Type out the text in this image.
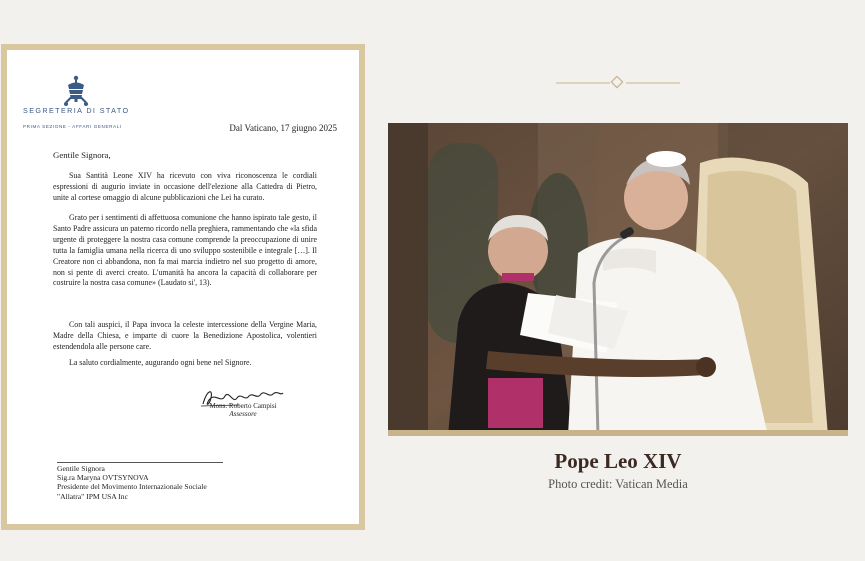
SEGRETERIA DI STATO
PRIMA SEZIONE - AFFARI GENERALI	Dal Vaticano, 17 giugno 2025
Gentile Signora,

Sua Santità Leone XIV ha ricevuto con viva riconoscenza le cordiali espressioni di augurio inviate in occasione dell'elezione alla Cattedra di Pietro, unite al cortese omaggio di alcune pubblicazioni che Lei ha curato.

Grato per i sentimenti di affettuosa comunione che hanno ispirato tale gesto, il Santo Padre assicura un paterno ricordo nella preghiera, rammentando che «la sfida urgente di proteggere la nostra casa comune comprende la preoccupazione di unire tutta la famiglia umana nella ricerca di uno sviluppo sostenibile e integrale […]. Il Creatore non ci abbandona, non fa mai marcia indietro nel suo progetto di amore, non si pente di averci creato. L'umanità ha ancora la capacità di collaborare per costruire la nostra casa comune» (Laudato si', 13).

Con tali auspici, il Papa invoca la celeste intercessione della Vergine Maria, Madre della Chiesa, e imparte di cuore la Benedizione Apostolica, volentieri estendendola alle persone care.

La saluto cordialmente, augurando ogni bene nel Signore.

Mons. Roberto Campisi
Assessore
Gentile Signora
Sig.ra Maryna OVTSYNOVA
Presidente del Movimento Internazionale Sociale
"Allatra" IPM USA Inc
Pope Leo XIV
Photo credit: Vatican Media
